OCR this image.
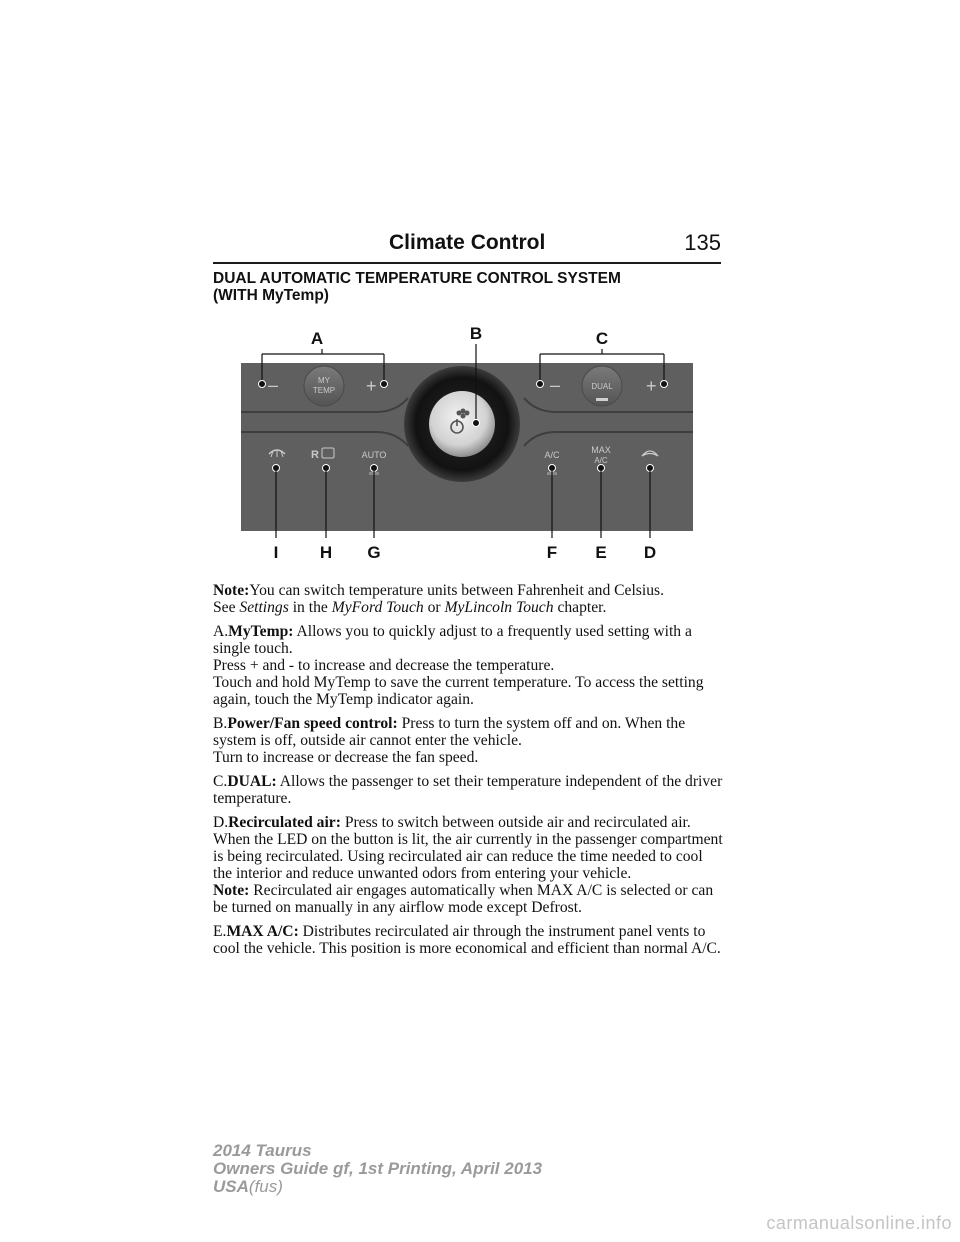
Climate Control	135
DUAL AUTOMATIC TEMPERATURE CONTROL SYSTEM
(WITH MyTemp)
–	MY
TEMP +	–	DUAL +
R	AUTO	A/C	MAX
A/C
A	B	C
I H G	F E D

Note:You can switch temperature units between Fahrenheit and Celsius.
See Settings in the MyFord Touch or MyLincoln Touch chapter.

A.MyTemp: Allows you to quickly adjust to a frequently used setting with a single touch.
Press + and - to increase and decrease the temperature.
Touch and hold MyTemp to save the current temperature. To access the setting again, touch the MyTemp indicator again.

B.Power/Fan speed control: Press to turn the system off and on. When the system is off, outside air cannot enter the vehicle.
Turn to increase or decrease the fan speed.

C.DUAL: Allows the passenger to set their temperature independent of the driver temperature.

D.Recirculated air: Press to switch between outside air and recirculated air. When the LED on the button is lit, the air currently in the passenger compartment is being recirculated. Using recirculated air can reduce the time needed to cool the interior and reduce unwanted odors from entering your vehicle.
Note: Recirculated air engages automatically when MAX A/C is selected or can be turned on manually in any airflow mode except Defrost.

E.MAX A/C: Distributes recirculated air through the instrument panel vents to cool the vehicle. This position is more economical and efficient than normal A/C.

2014 Taurus
Owners Guide gf, 1st Printing, April 2013
USA(fus)
carmanualsonline.info
